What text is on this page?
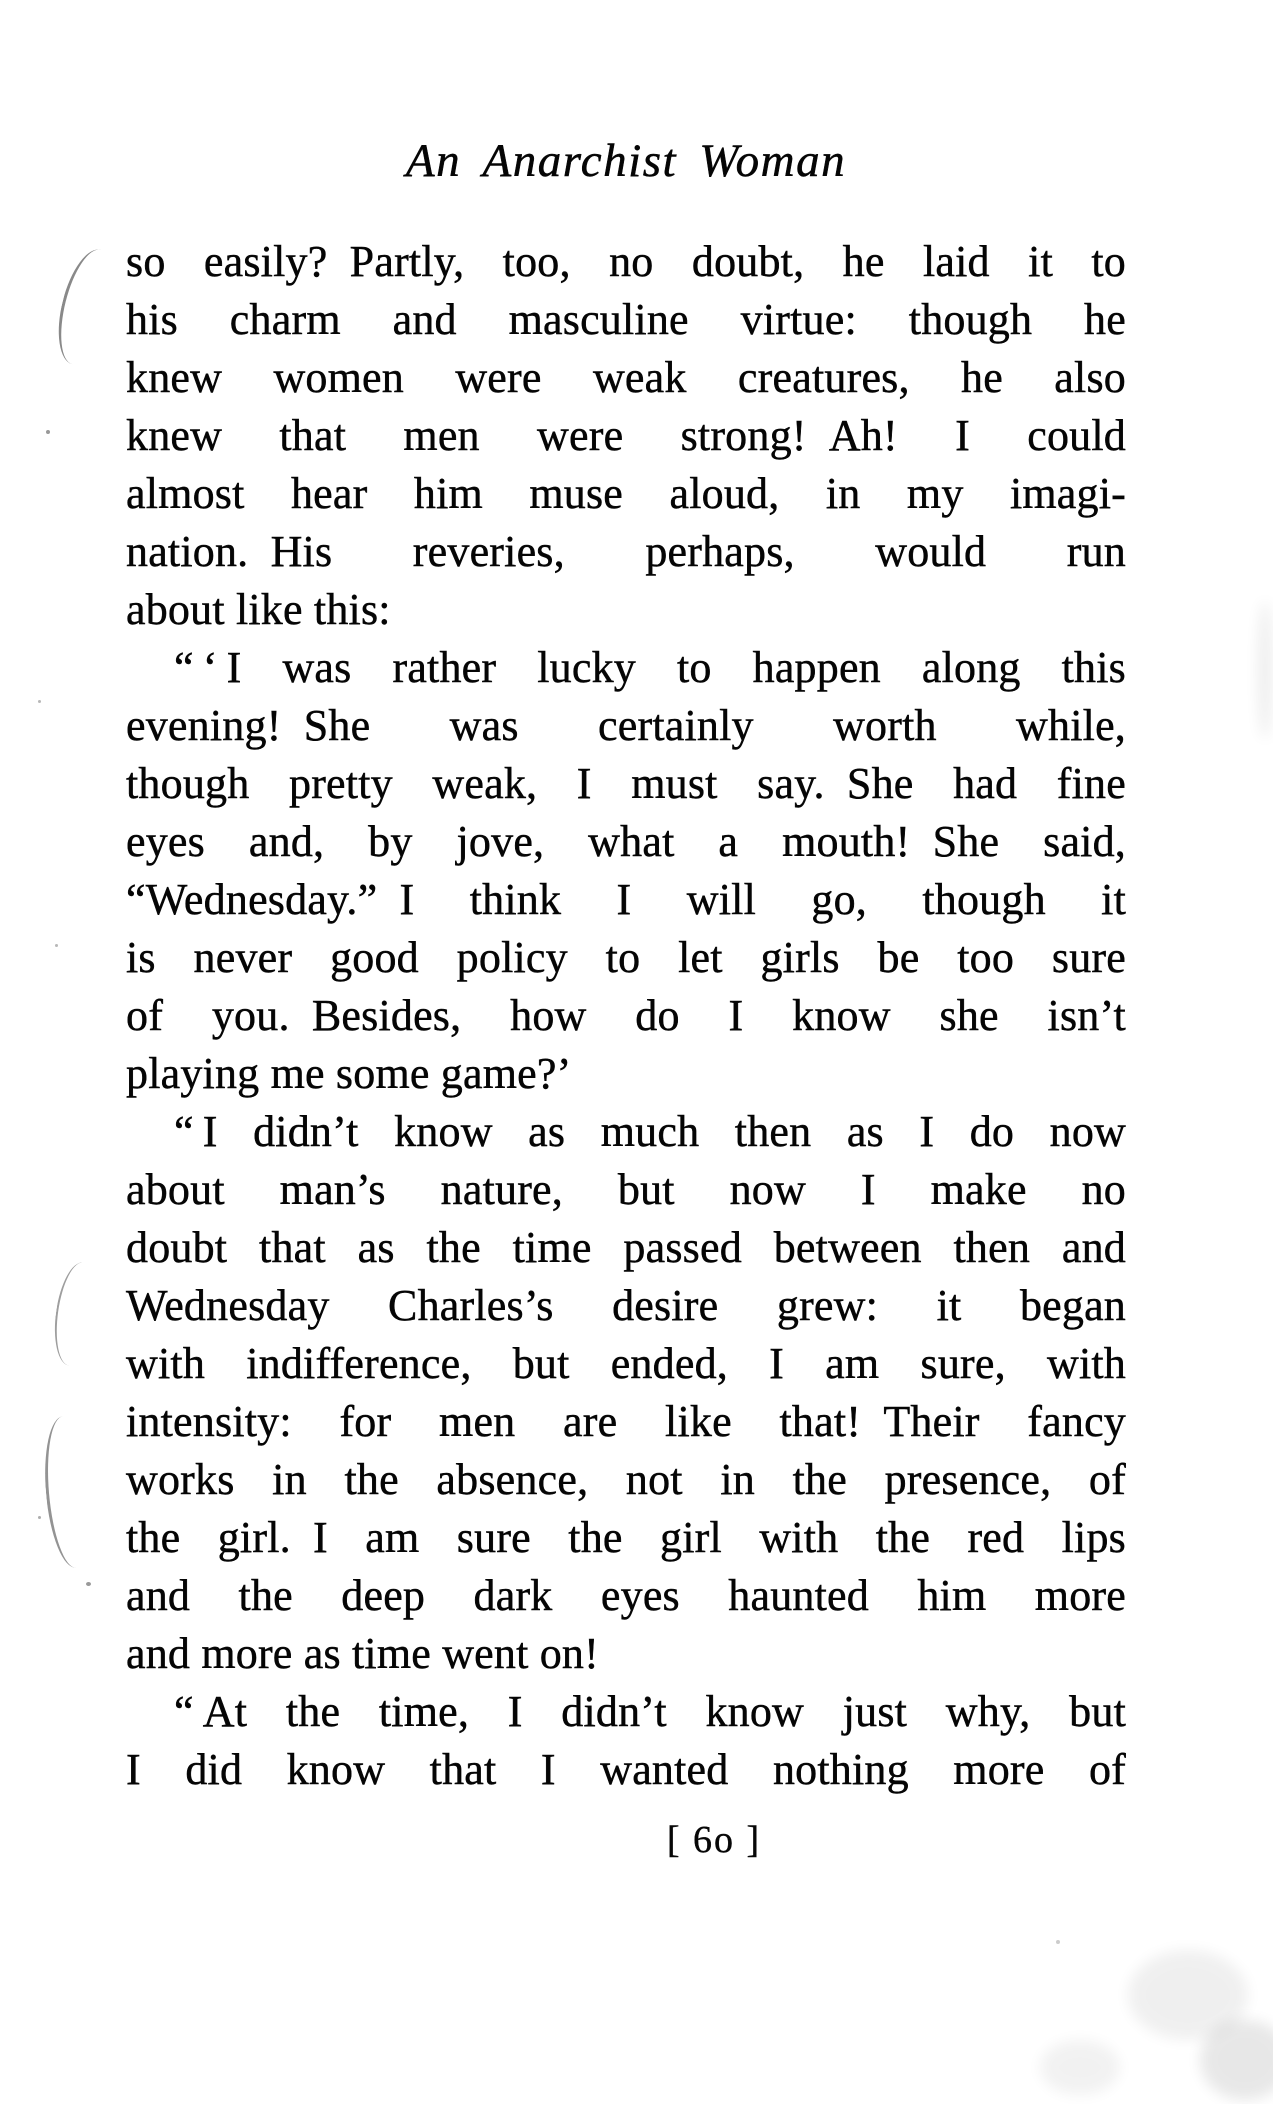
An Anarchist Woman
so easily? Partly, too, no doubt, he laid it to
his charm and masculine virtue: though he
knew women were weak creatures, he also
knew that men were strong! Ah! I could
almost hear him muse aloud, in my imagi-
nation. His reveries, perhaps, would run
about like this:
“ ‘ I was rather lucky to happen along this
evening! She was certainly worth while,
though pretty weak, I must say. She had fine
eyes and, by jove, what a mouth! She said,
“Wednesday.” I think I will go, though it
is never good policy to let girls be too sure
of you. Besides, how do I know she isn’t
playing me some game?’
“ I didn’t know as much then as I do now
about man’s nature, but now I make no
doubt that as the time passed between then and
Wednesday Charles’s desire grew: it began
with indifference, but ended, I am sure, with
intensity: for men are like that! Their fancy
works in the absence, not in the presence, of
the girl. I am sure the girl with the red lips
and the deep dark eyes haunted him more
and more as time went on!
“ At the time, I didn’t know just why, but
I did know that I wanted nothing more of
[ 6o ]
